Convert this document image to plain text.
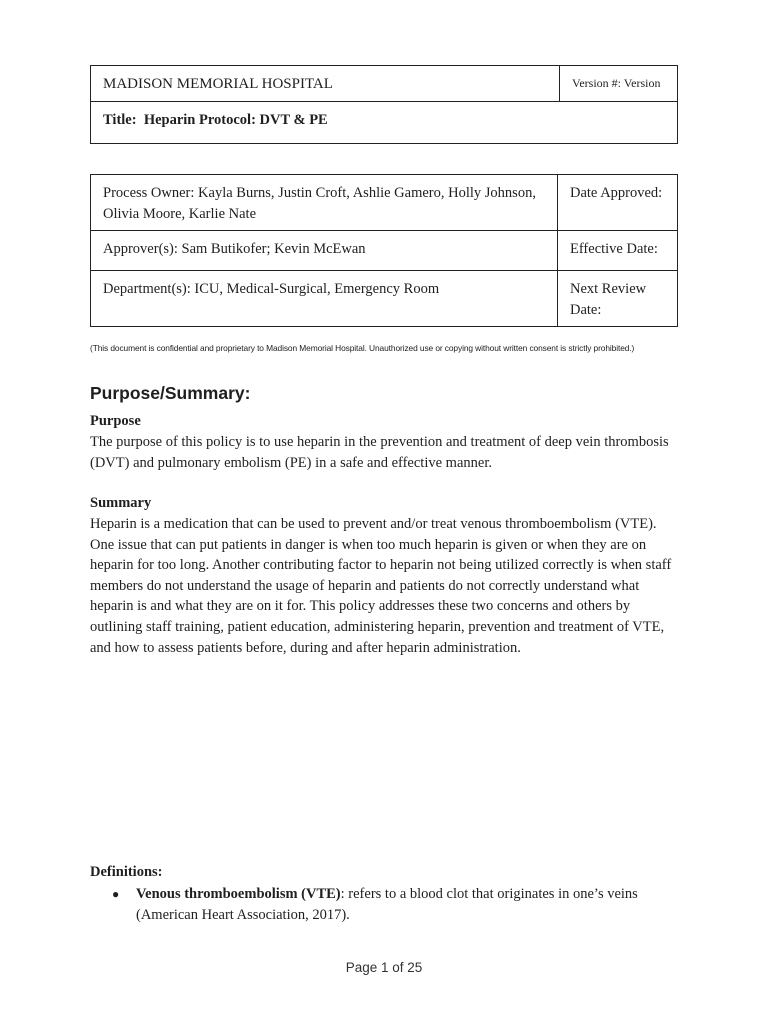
MADISON MEMORIAL HOSPITAL	Version #: Version
Title: Heparin Protocol: DVT & PE
Process Owner: Kayla Burns, Justin Croft, Ashlie Gamero, Holly Johnson, Olivia Moore, Karlie Nate	Date Approved:
Approver(s): Sam Butikofer; Kevin McEwan	Effective Date:
Department(s): ICU, Medical-Surgical, Emergency Room	Next Review Date:
(This document is confidential and proprietary to Madison Memorial Hospital. Unauthorized use or copying without written consent is strictly prohibited.)
Purpose/Summary:
Purpose

The purpose of this policy is to use heparin in the prevention and treatment of deep vein thrombosis (DVT) and pulmonary embolism (PE) in a safe and effective manner.

Summary

Heparin is a medication that can be used to prevent and/or treat venous thromboembolism (VTE). One issue that can put patients in danger is when too much heparin is given or when they are on heparin for too long. Another contributing factor to heparin not being utilized correctly is when staff members do not understand the usage of heparin and patients do not correctly understand what heparin is and what they are on it for. This policy addresses these two concerns and others by outlining staff training, patient education, administering heparin, prevention and treatment of VTE, and how to assess patients before, during and after heparin administration.

Definitions:
● Venous thromboembolism (VTE): refers to a blood clot that originates in one’s veins (American Heart Association, 2017).
Page 1 of 25
